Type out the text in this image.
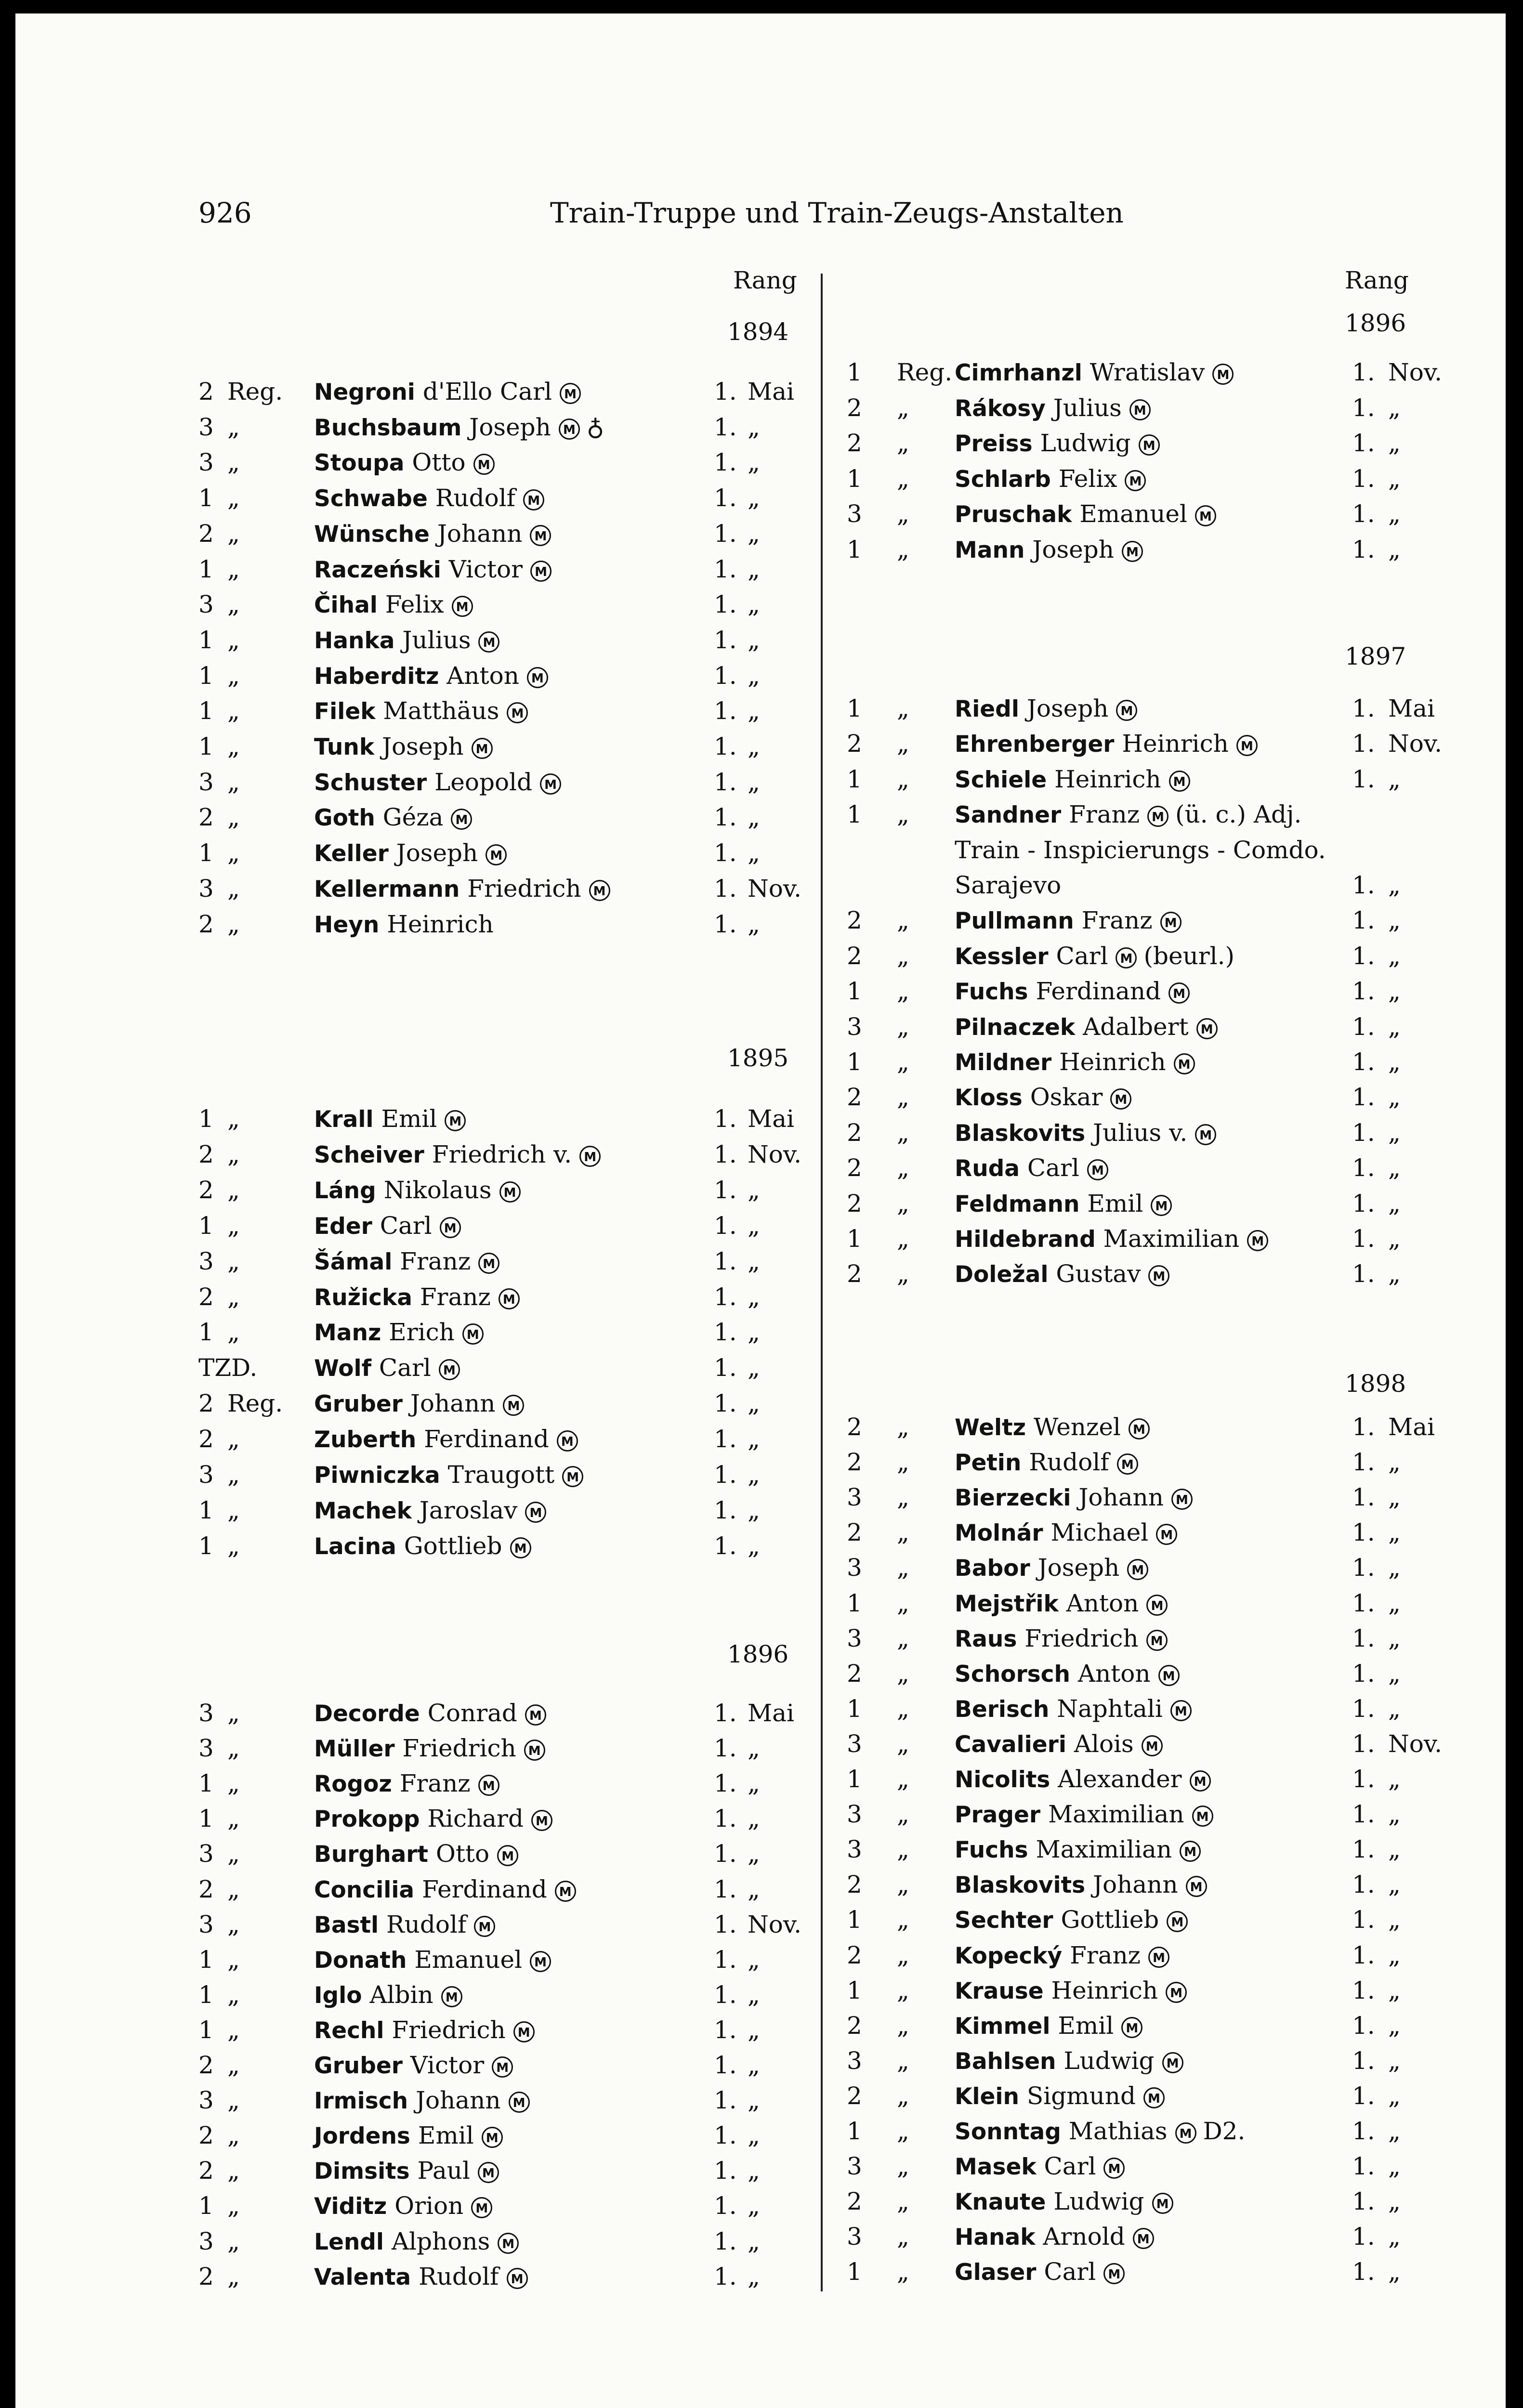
926	Train-Truppe und Train-Zeugs-Anstalten
Rang
1894
2 Reg. Negroni d'Ello Carl M	1. Mai
3 „	Buchsbaum Joseph M ♁	1. „
3 „	Stoupa Otto M	1. „
1 „	Schwabe Rudolf M	1. „
2 „	Wünsche Johann M	1. „
1 „	Raczeński Victor M	1. „
3 „	Čihal Felix M	1. „
1 „	Hanka Julius M	1. „
1 „	Haberditz Anton M	1. „
1 „	Filek Matthäus M	1. „
1 „	Tunk Joseph M	1. „
3 „	Schuster Leopold M	1. „
2 „	Goth Géza M	1. „
1 „	Keller Joseph M	1. „
3 „	Kellermann Friedrich M	1. Nov.
2 „	Heyn Heinrich	1. „
1895
1 „	Krall Emil M	1. Mai
2 „	Scheiver Friedrich v. M	1. Nov.
2 „	Láng Nikolaus M	1. „
1 „	Eder Carl M	1. „
3 „	Šámal Franz M	1. „
2 „	Ružicka Franz M	1. „
1 „	Manz Erich M	1. „
TZD.	Wolf Carl M	1. „
2 Reg. Gruber Johann M	1. „
2 „	Zuberth Ferdinand M	1. „
3 „	Piwniczka Traugott M	1. „
1 „	Machek Jaroslav M	1. „
1 „	Lacina Gottlieb M	1. „
1896
3 „	Decorde Conrad M	1. Mai
3 „	Müller Friedrich M	1. „
1 „	Rogoz Franz M	1. „
1 „	Prokopp Richard M	1. „
3 „	Burghart Otto M	1. „
2 „	Concilia Ferdinand M	1. „
3 „	Bastl Rudolf M	1. Nov.
1 „	Donath Emanuel M	1. „
1 „	Iglo Albin M	1. „
1 „	Rechl Friedrich M	1. „
2 „	Gruber Victor M	1. „
3 „	Irmisch Johann M	1. „
2 „	Jordens Emil M	1. „
2 „	Dimsits Paul M	1. „
1 „	Viditz Orion M	1. „
3 „	Lendl Alphons M	1. „
2 „	Valenta Rudolf M	1. „
Rang
1896
1 Reg. Cimrhanzl Wratislav M	1. Nov.
2 „ Rákosy Julius M	1. „
2 „ Preiss Ludwig M	1. „
1 „ Schlarb Felix M	1. „
3 „ Pruschak Emanuel M	1. „
1 „ Mann Joseph M	1. „
1897
1 „ Riedl Joseph M	1. Mai
2 „ Ehrenberger Heinrich M	1. Nov.
1 „ Schiele Heinrich M	1. „
1 „ Sandner Franz M (ü. c.) Adj.
Train - Inspicierungs - Comdo.
Sarajevo	1. „
2 „ Pullmann Franz M	1. „
2 „ Kessler Carl M (beurl.)	1. „
1 „ Fuchs Ferdinand M	1. „
3 „ Pilnaczek Adalbert M	1. „
1 „ Mildner Heinrich M	1. „
2 „ Kloss Oskar M	1. „
2 „ Blaskovits Julius v. M	1. „
2 „ Ruda Carl M	1. „
2 „ Feldmann Emil M	1. „
1 „ Hildebrand Maximilian M	1. „
2 „ Doležal Gustav M	1. „
1898
2 „ Weltz Wenzel M	1. Mai
2 „ Petin Rudolf M	1. „
3 „ Bierzecki Johann M	1. „
2 „ Molnár Michael M	1. „
3 „ Babor Joseph M	1. „
1 „ Mejstřik Anton M	1. „
3 „ Raus Friedrich M	1. „
2 „ Schorsch Anton M	1. „
1 „ Berisch Naphtali M	1. „
3 „ Cavalieri Alois M	1. Nov.
1 „ Nicolits Alexander M	1. „
3 „ Prager Maximilian M	1. „
3 „ Fuchs Maximilian M	1. „
2 „ Blaskovits Johann M	1. „
1 „ Sechter Gottlieb M	1. „
2 „ Kopecký Franz M	1. „
1 „ Krause Heinrich M	1. „
2 „ Kimmel Emil M	1. „
3 „ Bahlsen Ludwig M	1. „
2 „ Klein Sigmund M	1. „
1 „ Sonntag Mathias M D2.	1. „
3 „ Masek Carl M	1. „
2 „ Knaute Ludwig M	1. „
3 „ Hanak Arnold M	1. „
1 „ Glaser Carl M	1. „
